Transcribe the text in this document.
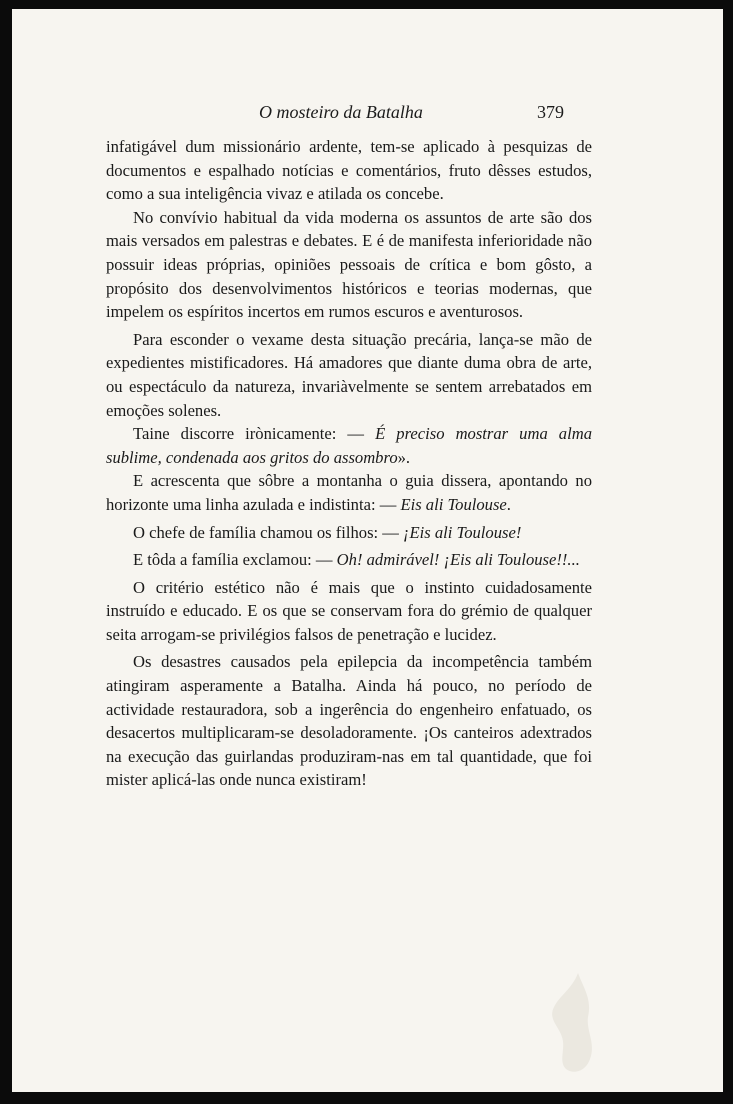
O mosteiro da Batalha	379

infatigável dum missionário ardente, tem-se aplicado à pesquizas de documentos e espalhado notícias e comentários, fruto dêsses estudos, como a sua inteligência vivaz e atilada os concebe.

No convívio habitual da vida moderna os assuntos de arte são dos mais versados em palestras e debates. E é de manifesta inferioridade não possuir ideas próprias, opiniões pessoais de crítica e bom gôsto, a propósito dos desenvolvimentos históricos e teorias modernas, que impelem os espíritos incertos em rumos escuros e aventurosos.

Para esconder o vexame desta situação precária, lança-se mão de expedientes mistificadores. Há amadores que diante duma obra de arte, ou espectáculo da natureza, invariàvelmente se sentem arrebatados em emoções solenes.

Taine discorre irònicamente: — É preciso mostrar uma alma sublime, condenada aos gritos do assombro».

E acrescenta que sôbre a montanha o guia dissera, apontando no horizonte uma linha azulada e indistinta: — Eis ali Toulouse.

O chefe de família chamou os filhos: — ¡Eis ali Toulouse!

E tôda a família exclamou: — Oh! admirável! ¡Eis ali Toulouse!!...

O critério estético não é mais que o instinto cuidadosamente instruído e educado. E os que se conservam fora do grémio de qualquer seita arrogam-se privilégios falsos de penetração e lucidez.

Os desastres causados pela epilepcia da incompetência também atingiram asperamente a Batalha. Ainda há pouco, no período de actividade restauradora, sob a ingerência do engenheiro enfatuado, os desacertos multiplicaram-se desoladoramente. ¡Os canteiros adextrados na execução das guirlandas produziram-nas em tal quantidade, que foi mister aplicá-las onde nunca existiram!
